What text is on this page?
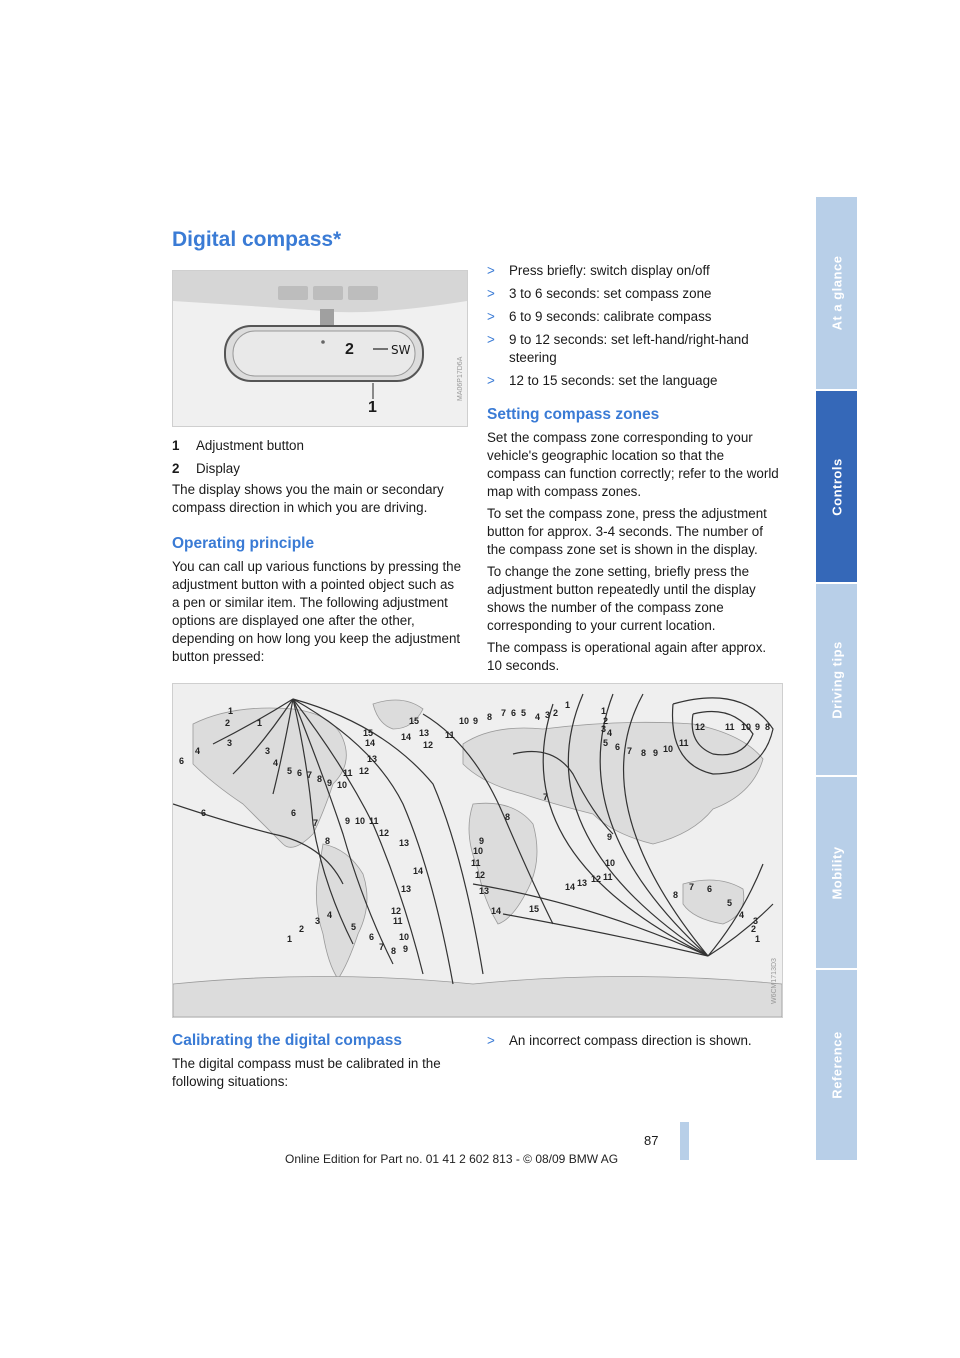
Digital compass*
2	SW
1
MA06P17D6A
1	Adjustment button
2	Display
The display shows you the main or secondary compass direction in which you are driving.
Operating principle
You can call up various functions by pressing the adjustment button with a pointed object such as a pen or similar item. The following adjustment options are displayed one after the other, depending on how long you keep the adjustment button pressed:
>	Press briefly: switch display on/off
>	3 to 6 seconds: set compass zone
>	6 to 9 seconds: calibrate compass
>	9 to 12 seconds: set left-hand/right-hand steering
>	12 to 15 seconds: set the language
Setting compass zones
Set the compass zone corresponding to your vehicle's geographic location so that the compass can function correctly; refer to the world map with compass zones.
To set the compass zone, press the adjustment button for approx. 3-4 seconds. The number of the compass zone set is shown in the display.
To change the zone setting, briefly press the adjustment button repeatedly until the display shows the number of the compass zone corresponding to your current location.
The compass is operational again after approx. 10 seconds.
1
2	1
3
4
6
3
4
5 6 7 8 9 10
11 12
13
14
15
15
14 13
12
11
6	6
7
8
9 10 11
12
13
14
13
12
11
10
9
8
7
6
5
4
3
2
1
10 9 8 7 6 5 4 3 2
1
1
2
3 4
5 6 7 8 9 10
11
12 11 10 9 8
7
8
9
10
11
12
13
14	15
14 13 12 11
10
9
8
7 6
5
4
3
2
1
W6CM1713D3
Calibrating the digital compass
The digital compass must be calibrated in the following situations:
>	An incorrect compass direction is shown.
87
Online Edition for Part no. 01 41 2 602 813 - © 08/09 BMW AG
At a glance
Controls
Driving tips
Mobility
Reference
